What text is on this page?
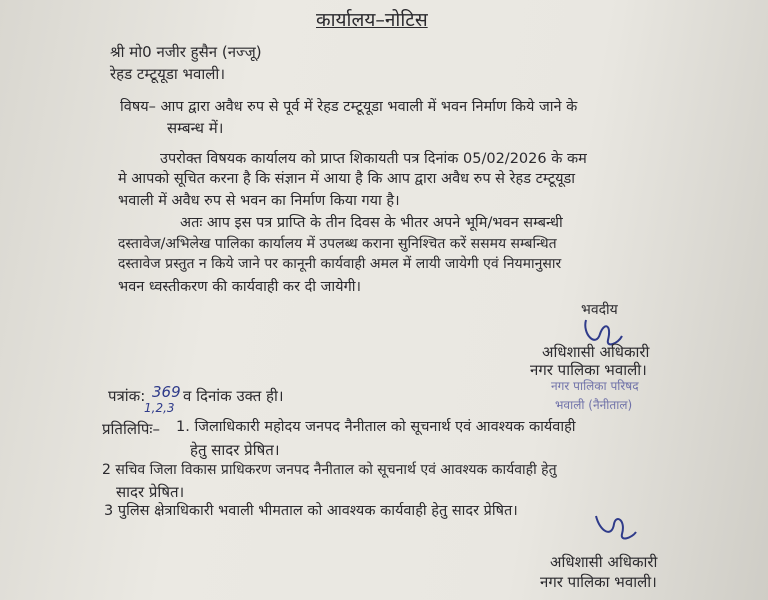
कार्यालय–नोटिस
श्री मो0 नजीर हुसैन (नज्जू)
रेहड टम्टूयूडा भवाली।
विषय– आप द्वारा अवैध रुप से पूर्व में रेहड टम्टूयूडा भवाली में भवन निर्माण किये जाने के
सम्बन्ध में।
उपरोक्त विषयक कार्यालय को प्राप्त शिकायती पत्र दिनांक 05/02/2026 के कम
मे आपको सूचित करना है कि संज्ञान में आया है कि आप द्वारा अवैध रुप से रेहड टम्टूयूडा
भवाली में अवैध रुप से भवन का निर्माण किया गया है।
अतः आप इस पत्र प्राप्ति के तीन दिवस के भीतर अपने भूमि/भवन सम्बन्धी
दस्तावेज/अभिलेख पालिका कार्यालय में उपलब्ध कराना सुनिश्चित करें ससमय सम्बन्धित
दस्तावेज प्रस्तुत न किये जाने पर कानूनी कार्यवाही अमल में लायी जायेगी एवं नियमानुसार
भवन ध्वस्तीकरण की कार्यवाही कर दी जायेगी।
भवदीय
अधिशासी अधिकारी
नगर पालिका भवाली।
नगर पालिका परिषद
भवाली (नैनीताल)
पत्रांक: 369 व दिनांक उक्त ही।
1,2,3
प्रतिलिपिः– 1. जिलाधिकारी महोदय जनपद नैनीताल को सूचनार्थ एवं आवश्यक कार्यवाही
हेतु सादर प्रेषित।
2 सचिव जिला विकास प्राधिकरण जनपद नैनीताल को सूचनार्थ एवं आवश्यक कार्यवाही हेतु
सादर प्रेषित।
3 पुलिस क्षेत्राधिकारी भवाली भीमताल को आवश्यक कार्यवाही हेतु सादर प्रेषित।
अधिशासी अधिकारी
नगर पालिका भवाली।
